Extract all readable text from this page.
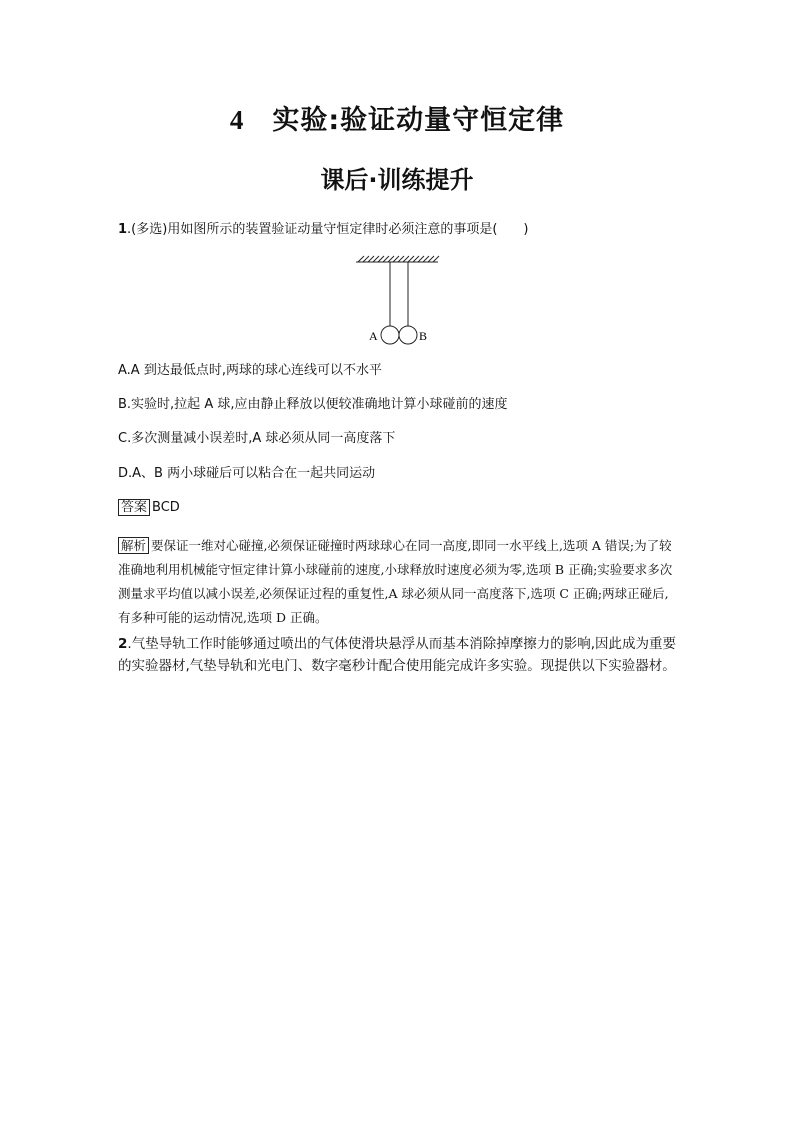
4 实验:验证动量守恒定律
课后·训练提升
1.(多选)用如图所示的装置验证动量守恒定律时必须注意的事项是(　　)
A	B
A.A 到达最低点时,两球的球心连线可以不水平
B.实验时,拉起 A 球,应由静止释放以便较准确地计算小球碰前的速度
C.多次测量减小误差时,A 球必须从同一高度落下
D.A、B 两小球碰后可以粘合在一起共同运动
答案 BCD
解析 要保证一维对心碰撞,必须保证碰撞时两球球心在同一高度,即同一水平线上,选项 A 错误;为了较准确地利用机械能守恒定律计算小球碰前的速度,小球释放时速度必须为零,选项 B 正确;实验要求多次测量求平均值以减小误差,必须保证过程的重复性,A 球必须从同一高度落下,选项 C 正确;两球正碰后,有多种可能的运动情况,选项 D 正确。
2.气垫导轨工作时能够通过喷出的气体使滑块悬浮从而基本消除掉摩擦力的影响,因此成为重要的实验器材,气垫导轨和光电门、数字毫秒计配合使用能完成许多实验。现提供以下实验器材。
